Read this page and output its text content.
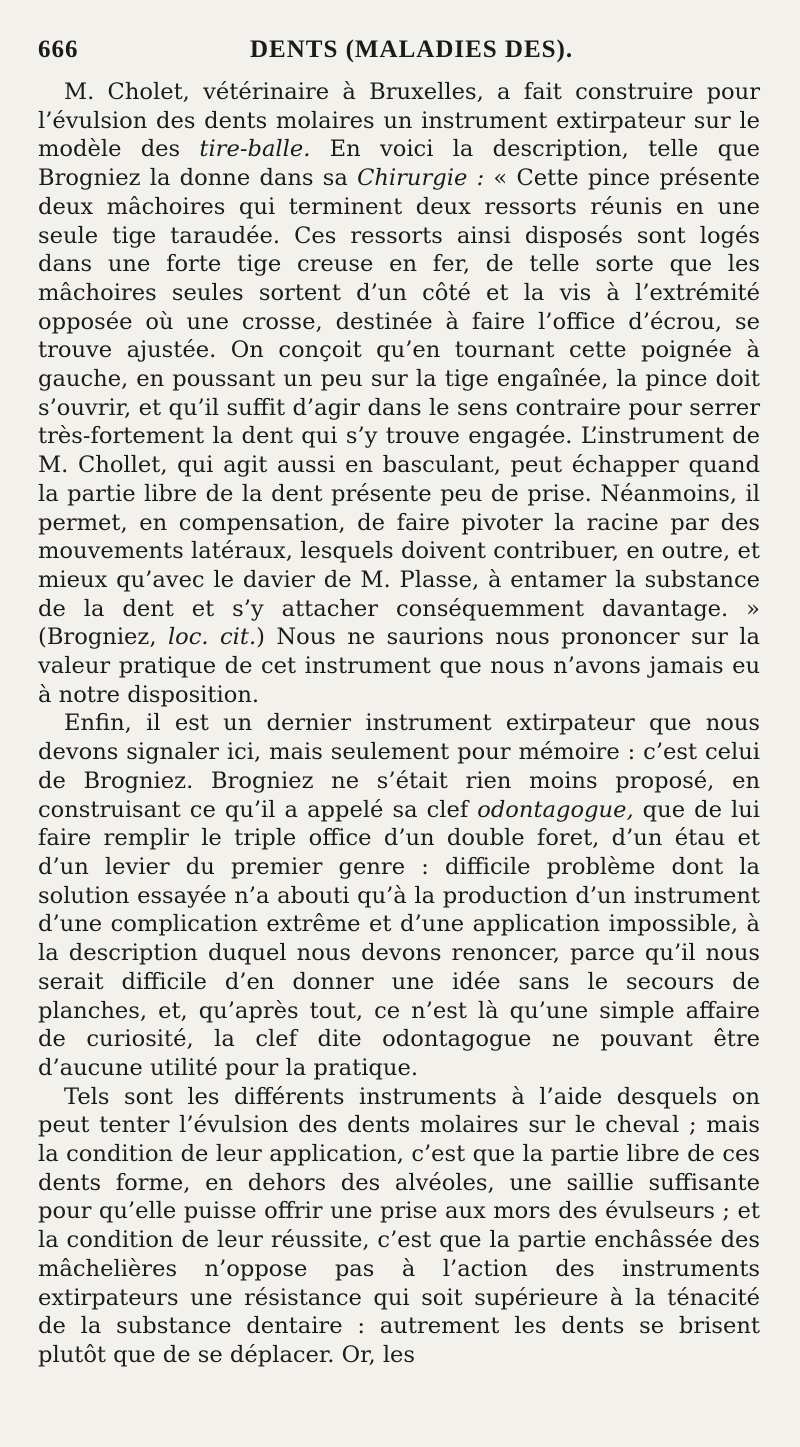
666	DENTS (MALADIES DES).

M. Cholet, vétérinaire à Bruxelles, a fait construire pour l’évulsion des dents molaires un instrument extirpateur sur le modèle des tire-balle. En voici la description, telle que Brogniez la donne dans sa Chirurgie : « Cette pince présente deux mâchoires qui terminent deux ressorts réunis en une seule tige taraudée. Ces ressorts ainsi disposés sont logés dans une forte tige creuse en fer, de telle sorte que les mâchoires seules sortent d’un côté et la vis à l’extrémité opposée où une crosse, destinée à faire l’office d’écrou, se trouve ajustée. On conçoit qu’en tournant cette poignée à gauche, en poussant un peu sur la tige engaînée, la pince doit s’ouvrir, et qu’il suffit d’agir dans le sens contraire pour serrer très-fortement la dent qui s’y trouve engagée. L’instrument de M. Chollet, qui agit aussi en basculant, peut échapper quand la partie libre de la dent présente peu de prise. Néanmoins, il permet, en compensation, de faire pivoter la racine par des mouvements latéraux, lesquels doivent contribuer, en outre, et mieux qu’avec le davier de M. Plasse, à entamer la substance de la dent et s’y attacher conséquemment davantage. » (Brogniez, loc. cit.) Nous ne saurions nous prononcer sur la valeur pratique de cet instrument que nous n’avons jamais eu à notre disposition.

Enfin, il est un dernier instrument extirpateur que nous devons signaler ici, mais seulement pour mémoire : c’est celui de Brogniez. Brogniez ne s’était rien moins proposé, en construisant ce qu’il a appelé sa clef odontagogue, que de lui faire remplir le triple office d’un double foret, d’un étau et d’un levier du premier genre : difficile problème dont la solution essayée n’a abouti qu’à la production d’un instrument d’une complication extrême et d’une application impossible, à la description duquel nous devons renoncer, parce qu’il nous serait difficile d’en donner une idée sans le secours de planches, et, qu’après tout, ce n’est là qu’une simple affaire de curiosité, la clef dite odontagogue ne pouvant être d’aucune utilité pour la pratique.

Tels sont les différents instruments à l’aide desquels on peut tenter l’évulsion des dents molaires sur le cheval ; mais la condition de leur application, c’est que la partie libre de ces dents forme, en dehors des alvéoles, une saillie suffisante pour qu’elle puisse offrir une prise aux mors des évulseurs ; et la condition de leur réussite, c’est que la partie enchâssée des mâchelières n’oppose pas à l’action des instruments extirpateurs une résistance qui soit supérieure à la ténacité de la substance dentaire : autrement les dents se brisent plutôt que de se déplacer. Or, les
